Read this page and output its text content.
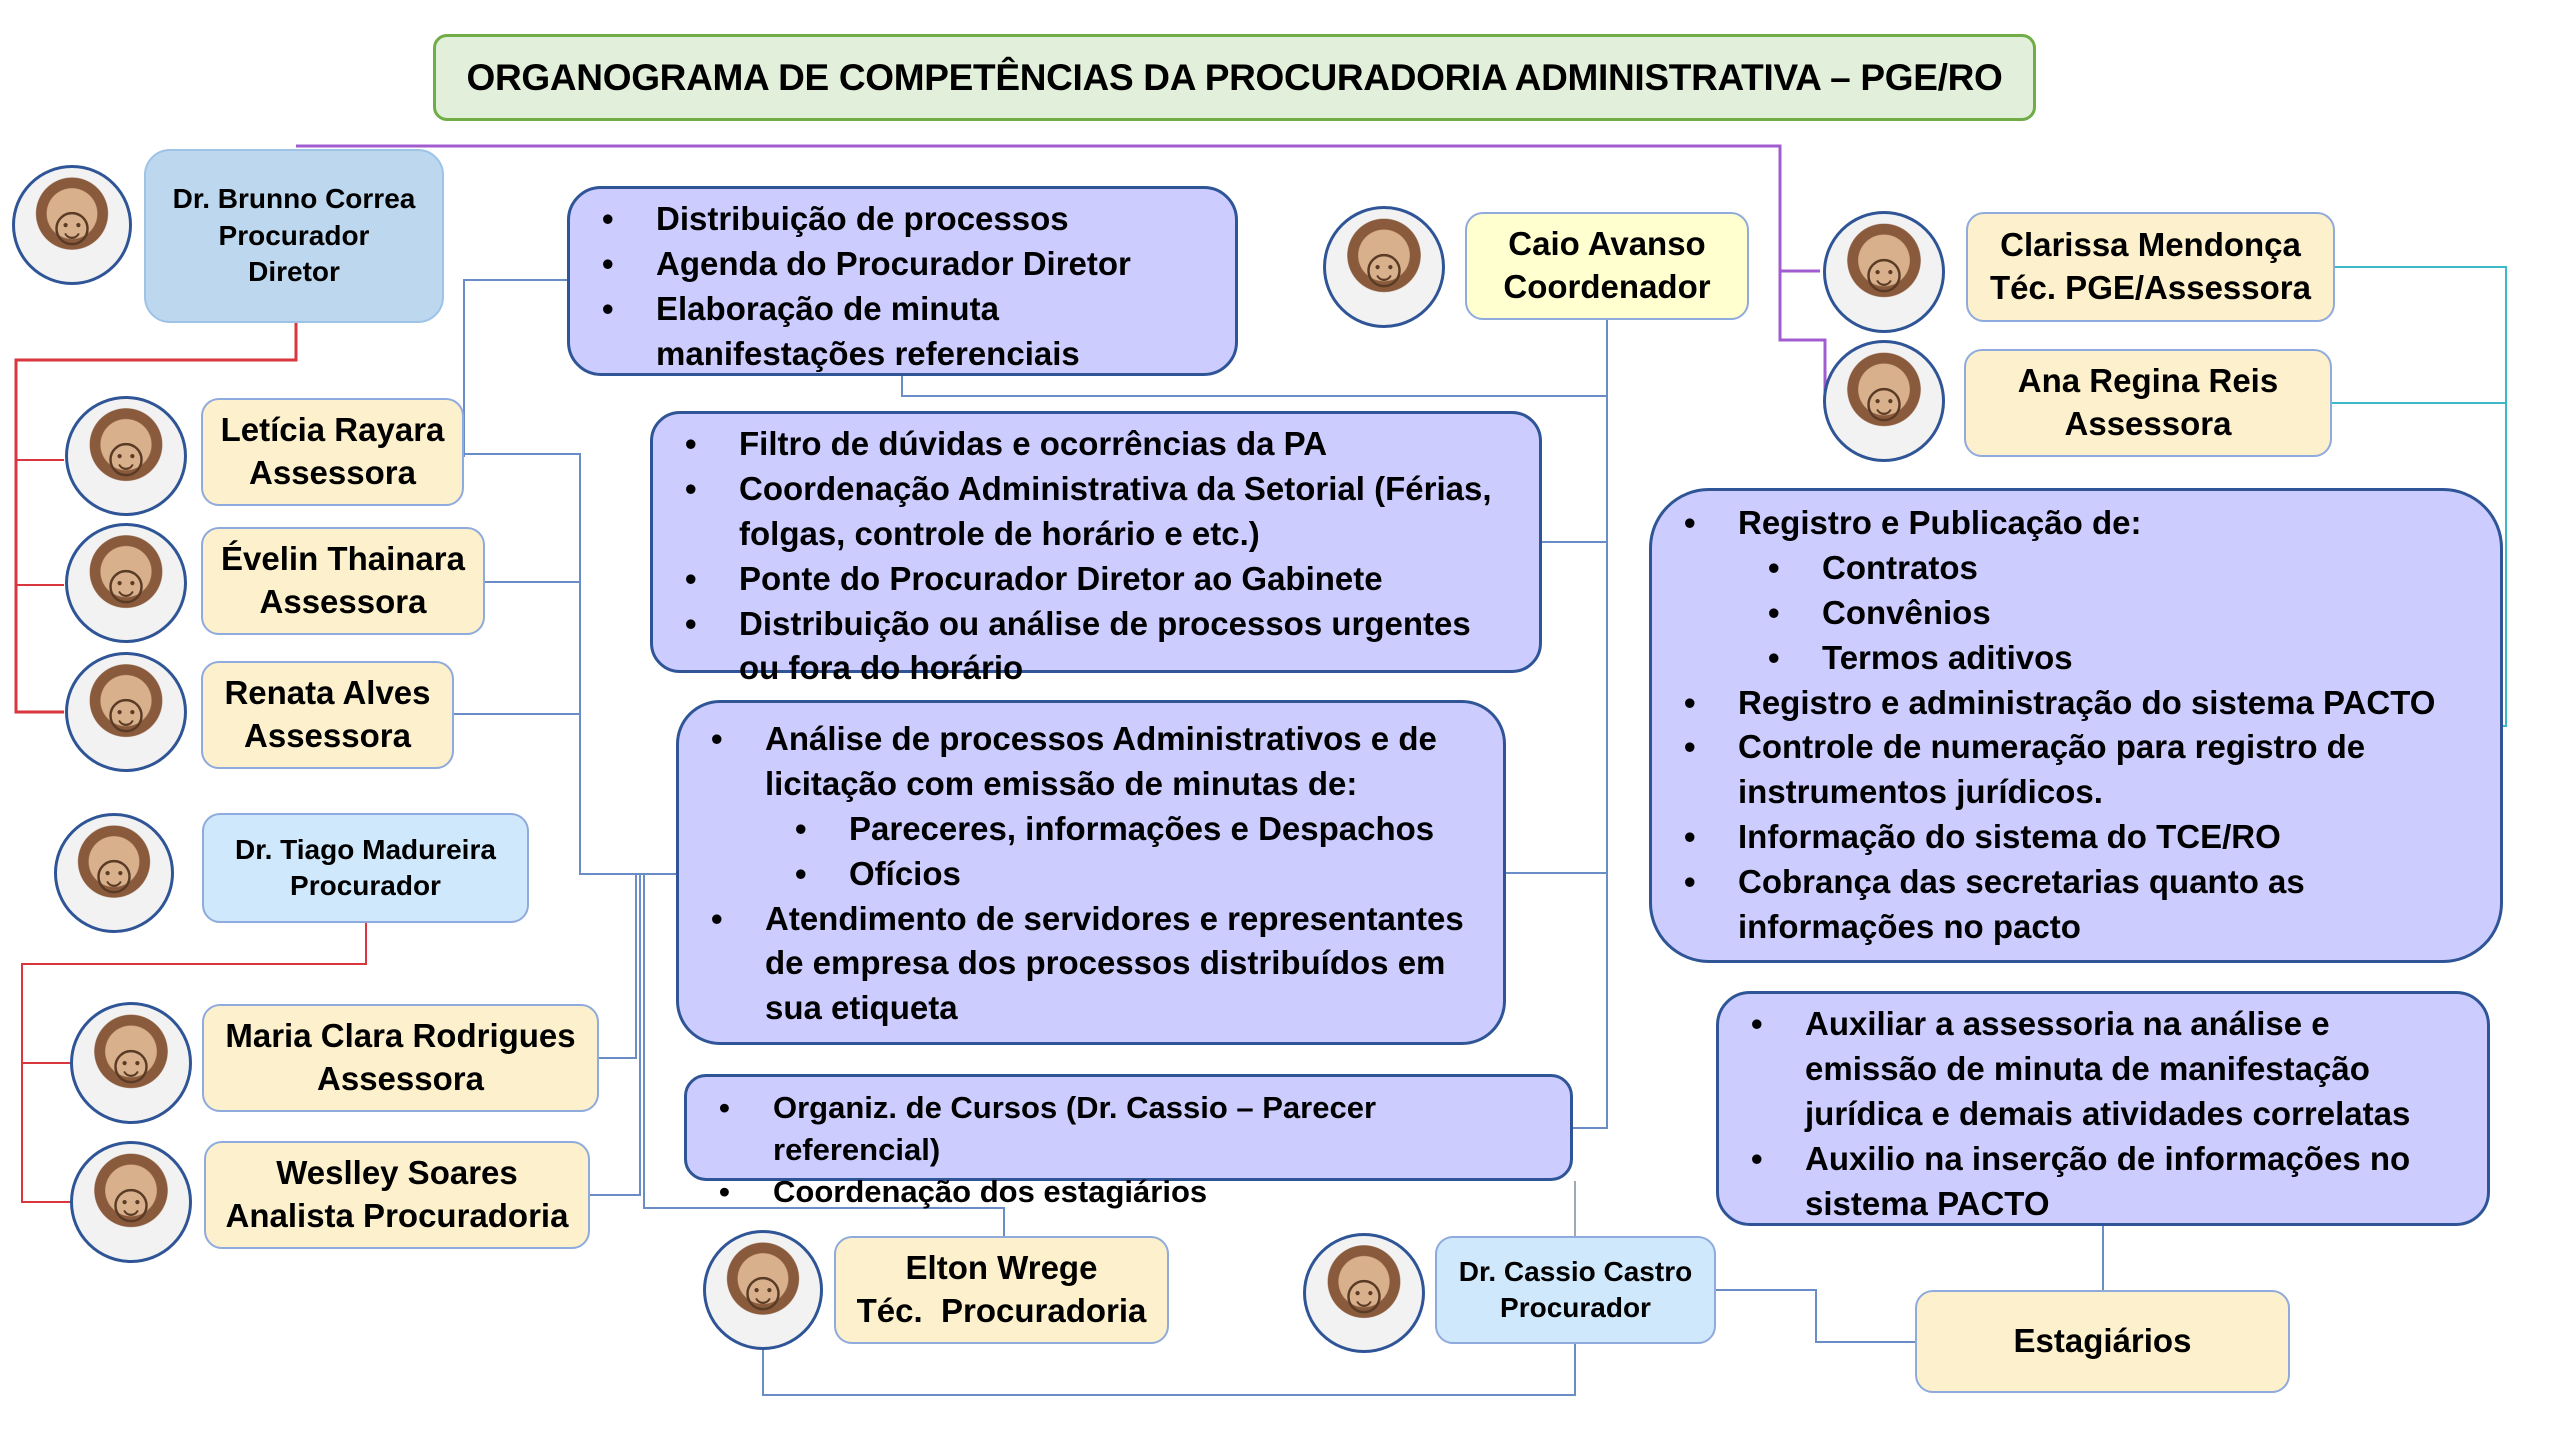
ORGANOGRAMA DE COMPETÊNCIAS DA PROCURADORIA ADMINISTRATIVA – PGE/RO
☺	Dr. Brunno Correa
Procurador
Diretor
• Distribuição de processos
• Agenda do Procurador Diretor
• Elaboração de minuta manifestações referenciais
☺	Caio Avanso
Coordenador	☺	Clarissa Mendonça
Téc. PGE/Assessora
☺	Ana Regina Reis
Assessora
• Filtro de dúvidas e ocorrências da PA
• Coordenação Administrativa da Setorial (Férias, folgas, controle de horário e etc.)
• Ponte do Procurador Diretor ao Gabinete
• Distribuição ou análise de processos urgentes ou fora do horário
☺ Letícia Rayara
Assessora
☺ Évelin Thainara
Assessora
☺ Renata Alves
Assessora
• Registro e Publicação de:
• Contratos
• Convênios
• Termos aditivos
• Registro e administração do sistema PACTO
• Controle de numeração para registro de instrumentos jurídicos.
• Informação do sistema do TCE/RO
• Cobrança das secretarias quanto as informações no pacto
• Análise de processos Administrativos e de licitação com emissão de minutas de:
• Pareceres, informações e Despachos
• Ofícios
• Atendimento de servidores e representantes de empresa dos processos distribuídos em sua etiqueta
☺	Dr. Tiago Madureira
Procurador
☺ Maria Clara Rodrigues
Assessora
☺	Weslley Soares
Analista Procuradoria
• Organiz. de Cursos (Dr. Cassio – Parecer referencial)
• Coordenação dos estagiários
• Auxiliar a assessoria na análise e emissão de minuta de manifestação jurídica e demais atividades correlatas
• Auxilio na inserção de informações no sistema PACTO
☺	Elton Wrege
Téc.  Procuradoria	☺ Dr. Cassio Castro
Procurador
Estagiários
